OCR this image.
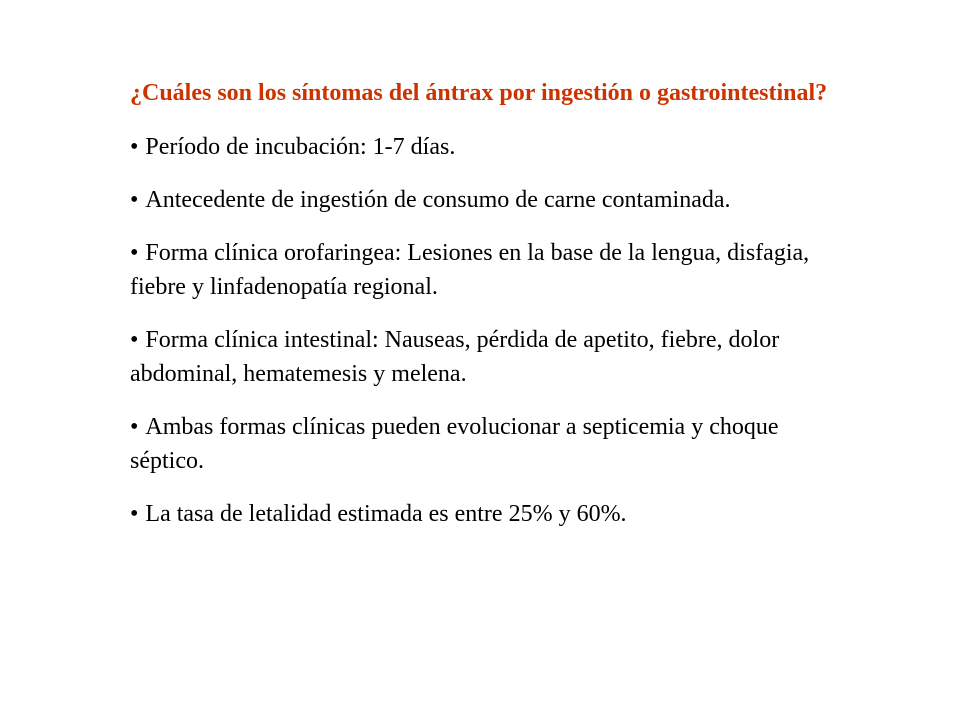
¿Cuáles son los síntomas del ántrax por ingestión o gastrointestinal?

• Período de incubación: 1-7 días.

• Antecedente de ingestión de consumo de carne contaminada.

• Forma clínica orofaringea: Lesiones en la base de la lengua, disfagia, fiebre y linfadenopatía regional.

• Forma clínica intestinal: Nauseas, pérdida de apetito, fiebre, dolor abdominal, hematemesis y melena.

• Ambas formas clínicas pueden evolucionar a septicemia y choque séptico.

• La tasa de letalidad estimada es entre 25% y 60%.
